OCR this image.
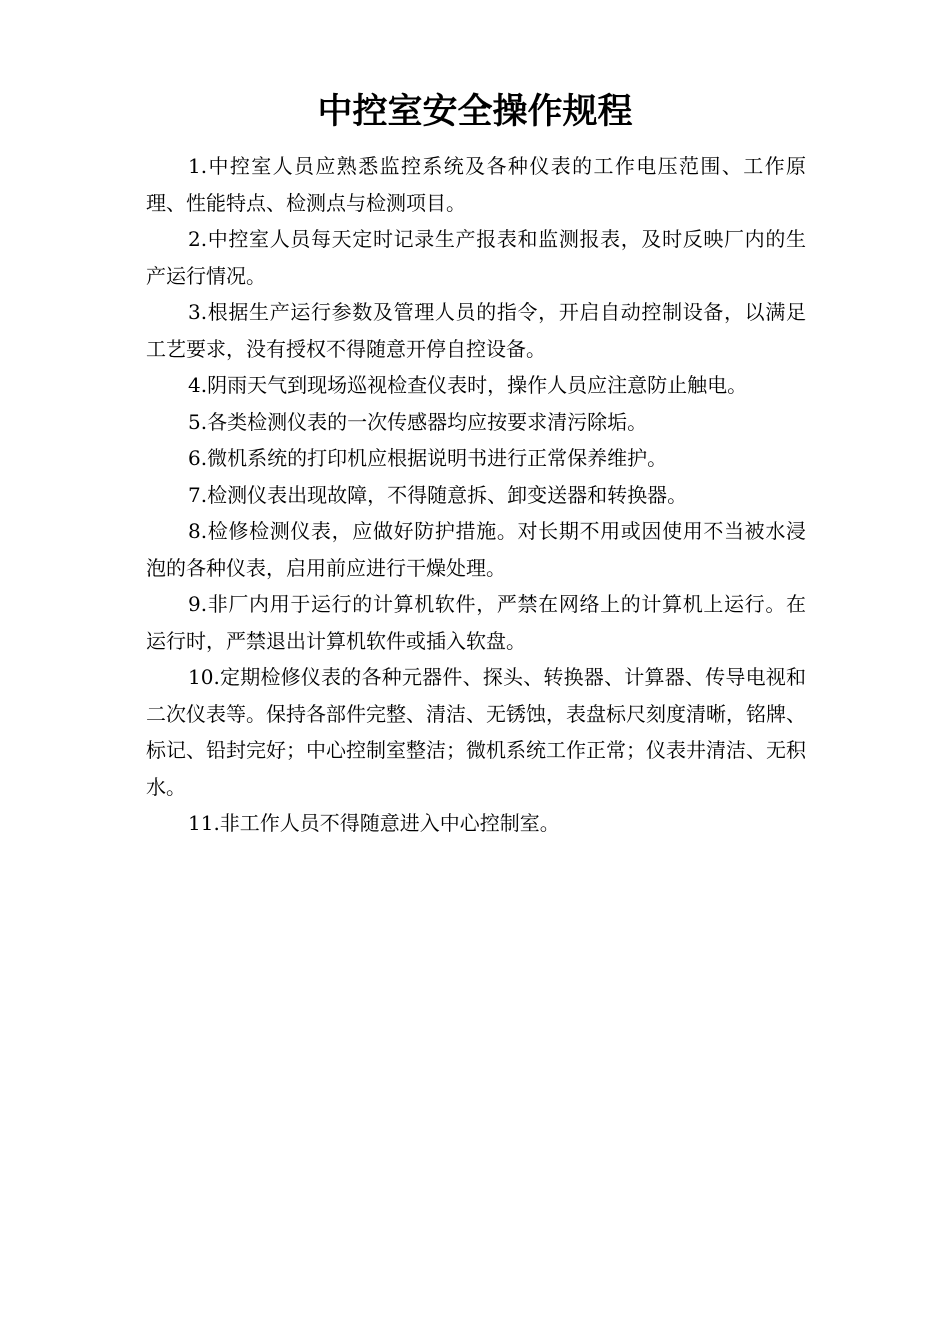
中控室安全操作规程

1.中控室人员应熟悉监控系统及各种仪表的工作电压范围、工作原理、性能特点、检测点与检测项目。

2.中控室人员每天定时记录生产报表和监测报表，及时反映厂内的生产运行情况。

3.根据生产运行参数及管理人员的指令，开启自动控制设备，以满足工艺要求，没有授权不得随意开停自控设备。

4.阴雨天气到现场巡视检查仪表时，操作人员应注意防止触电。

5.各类检测仪表的一次传感器均应按要求清污除垢。

6.微机系统的打印机应根据说明书进行正常保养维护。

7.检测仪表出现故障，不得随意拆、卸变送器和转换器。

8.检修检测仪表，应做好防护措施。对长期不用或因使用不当被水浸泡的各种仪表，启用前应进行干燥处理。

9.非厂内用于运行的计算机软件，严禁在网络上的计算机上运行。在运行时，严禁退出计算机软件或插入软盘。

10.定期检修仪表的各种元器件、探头、转换器、计算器、传导电视和二次仪表等。保持各部件完整、清洁、无锈蚀，表盘标尺刻度清晰，铭牌、标记、铅封完好；中心控制室整洁；微机系统工作正常；仪表井清洁、无积水。

11.非工作人员不得随意进入中心控制室。
